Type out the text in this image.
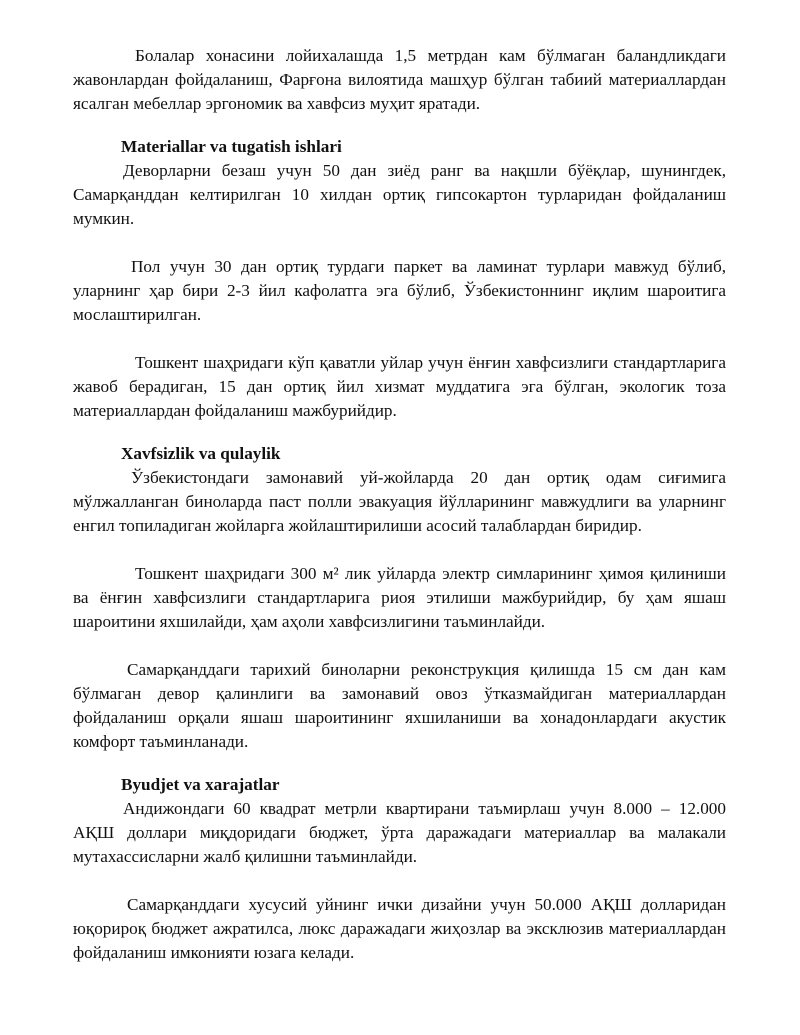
Болалар хонасини лойихалашда 1,5 метрдан кам бўлмаган баландликдаги жавонлардан фойдаланиш, Фарғона вилоятида машҳур бўлган табиий материаллардан ясалган мебеллар эргономик ва хавфсиз муҳит яратади.

Materiallar va tugatish ishlari

Деворларни безаш учун 50 дан зиёд ранг ва нақшли бўёқлар, шунингдек, Самарқанддан келтирилган 10 хилдан ортиқ гипсокартон турларидан фойдаланиш мумкин.

Пол учун 30 дан ортиқ турдаги паркет ва ламинат турлари мавжуд бўлиб, уларнинг ҳар бири 2-3 йил кафолатга эга бўлиб, Ўзбекистоннинг иқлим шароитига мослаштирилган.

Тошкент шаҳридаги кўп қаватли уйлар учун ёнғин хавфсизлиги стандартларига жавоб берадиган, 15 дан ортиқ йил хизмат муддатига эга бўлган, экологик тоза материаллардан фойдаланиш мажбурийдир.

Xavfsizlik va qulaylik

Ўзбекистондаги замонавий уй-жойларда 20 дан ортиқ одам сиғимига мўлжалланган биноларда паст полли эвакуация йўлларининг мавжудлиги ва уларнинг енгил топиладиган жойларга жойлаштирилиши асосий талаблардан биридир.

Тошкент шаҳридаги 300 м² лик уйларда электр симларининг ҳимоя қилиниши ва ёнғин хавфсизлиги стандартларига риоя этилиши мажбурийдир, бу ҳам яшаш шароитини яхшилайди, ҳам аҳоли хавфсизлигини таъминлайди.

Самарқанддаги тарихий биноларни реконструкция қилишда 15 см дан кам бўлмаган девор қалинлиги ва замонавий овоз ўтказмайдиган материаллардан фойдаланиш орқали яшаш шароитининг яхшиланиши ва хонадонлардаги акустик комфорт таъминланади.

Byudjet va xarajatlar

Андижондаги 60 квадрат метрли квартирани таъмирлаш учун 8.000 – 12.000 АҚШ доллари миқдоридаги бюджет, ўрта даражадаги материаллар ва малакали мутахассисларни жалб қилишни таъминлайди.

Самарқанддаги хусусий уйнинг ички дизайни учун 50.000 АҚШ долларидан юқорироқ бюджет ажратилса, люкс даражадаги жиҳозлар ва эксклюзив материаллардан фойдаланиш имконияти юзага келади.
